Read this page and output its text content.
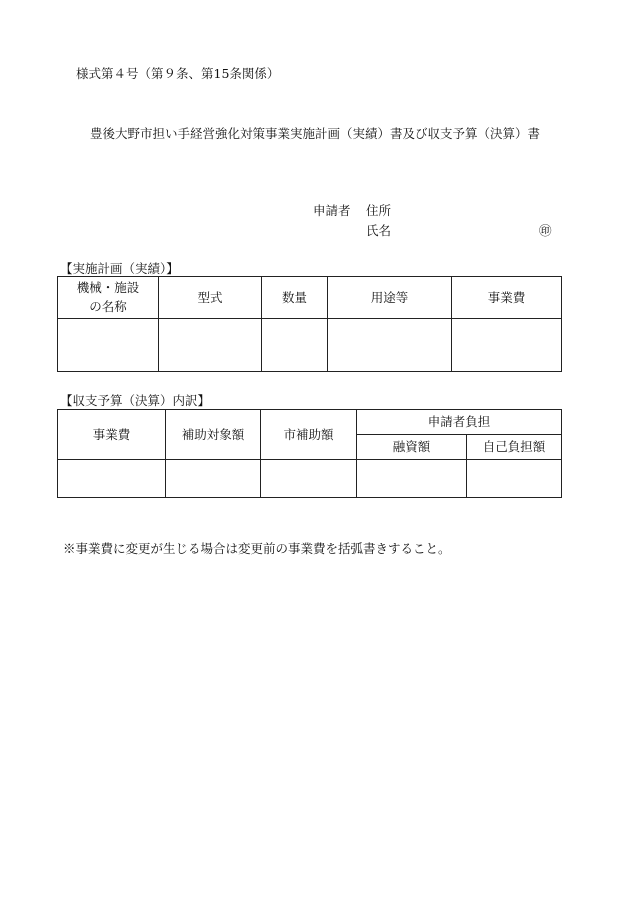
様式第４号（第９条、第15条関係）
豊後大野市担い手経営強化対策事業実施計画（実績）書及び収支予算（決算）書
申請者 住所
氏名	㊞
【実施計画（実績）】
機械・施設の名称	型式	数量	用途等	事業費

【収支予算（決算）内訳】
事業費	補助対象額	市補助額	申請者負担	
			融資額	自己負担額

※事業費に変更が生じる場合は変更前の事業費を括弧書きすること。
